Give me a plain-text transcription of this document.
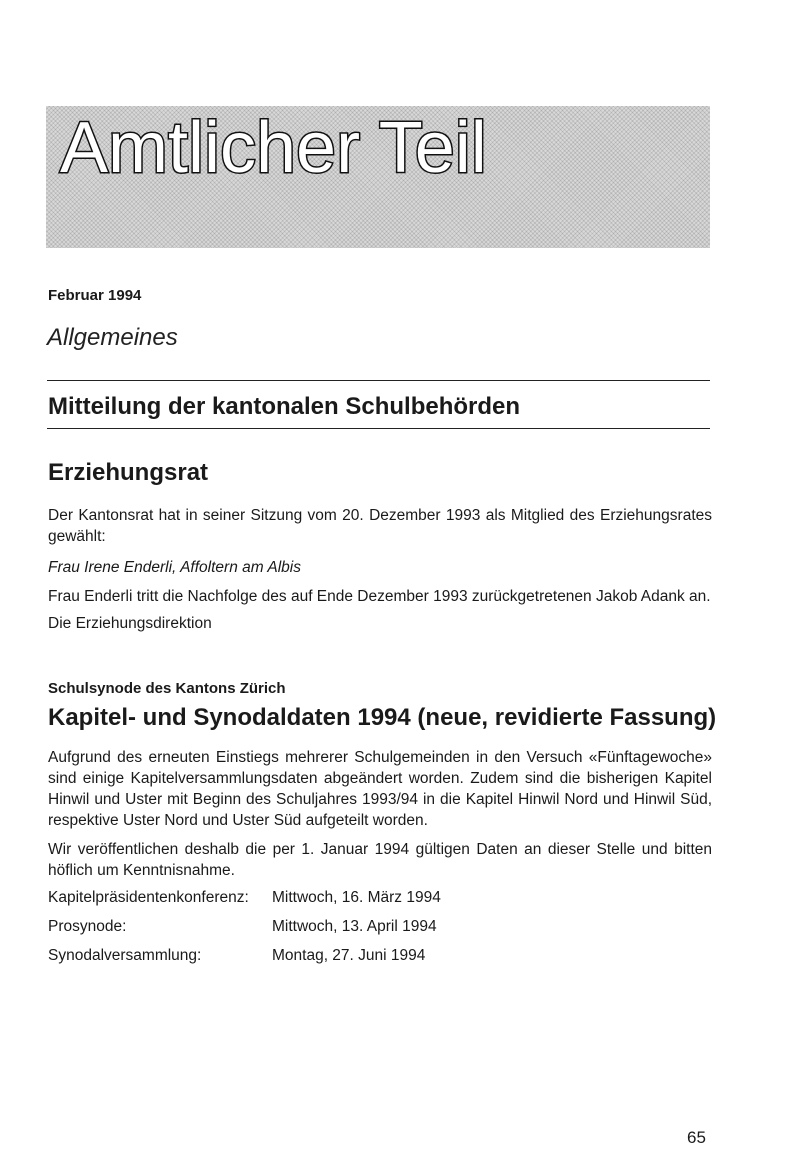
Amtlicher Teil
Februar 1994
Allgemeines
Mitteilung der kantonalen Schulbehörden
Erziehungsrat
Der Kantonsrat hat in seiner Sitzung vom 20. Dezember 1993 als Mitglied des Erziehungsrates gewählt:
Frau Irene Enderli, Affoltern am Albis
Frau Enderli tritt die Nachfolge des auf Ende Dezember 1993 zurückgetretenen Jakob Adank an.
Die Erziehungsdirektion
Schulsynode des Kantons Zürich
Kapitel- und Synodaldaten 1994 (neue, revidierte Fassung)
Aufgrund des erneuten Einstiegs mehrerer Schulgemeinden in den Versuch «Fünftagewoche» sind einige Kapitelversammlungsdaten abgeändert worden. Zudem sind die bisherigen Kapitel Hinwil und Uster mit Beginn des Schuljahres 1993/94 in die Kapitel Hinwil Nord und Hinwil Süd, respektive Uster Nord und Uster Süd aufgeteilt worden.
Wir veröffentlichen deshalb die per 1. Januar 1994 gültigen Daten an dieser Stelle und bitten höflich um Kenntnisnahme.
Kapitelpräsidentenkonferenz: Mittwoch, 16. März 1994
Prosynode:	Mittwoch, 13. April 1994
Synodalversammlung:	Montag, 27. Juni 1994
65
